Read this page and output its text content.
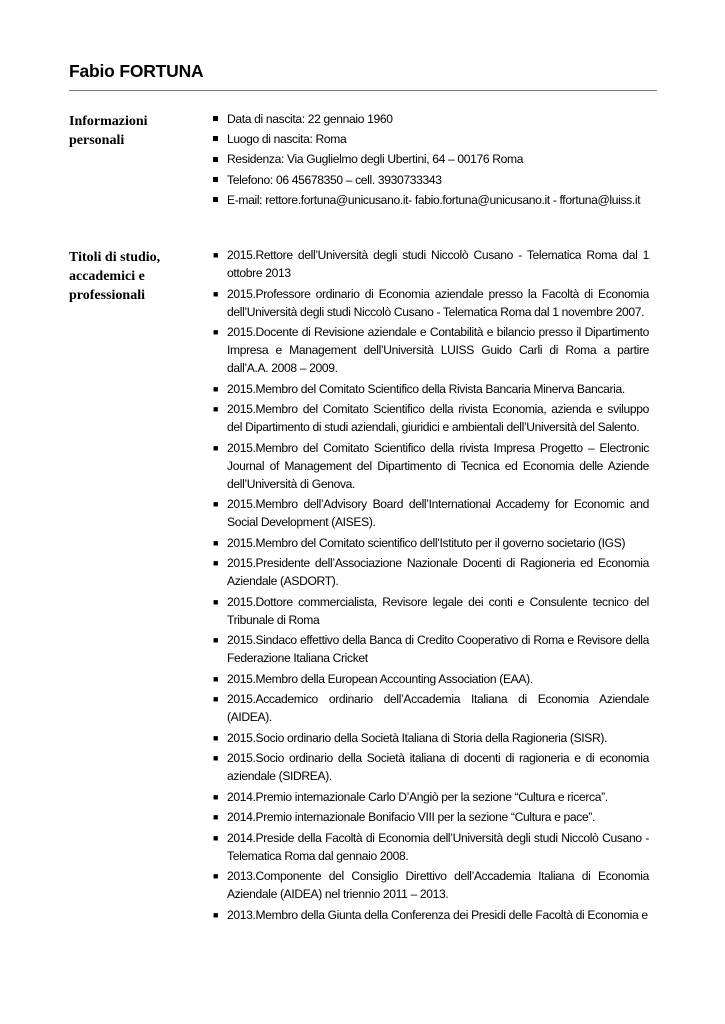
Fabio FORTUNA
Informazioni personali
Data di nascita: 22 gennaio 1960
Luogo di nascita: Roma
Residenza: Via Guglielmo degli Ubertini, 64 – 00176 Roma
Telefono: 06 45678350 – cell. 3930733343
E-mail: rettore.fortuna@unicusano.it- fabio.fortuna@unicusano.it - ffortuna@luiss.it
Titoli di studio, accademici e professionali
■ 2015.Rettore dell’Università degli studi Niccolò Cusano - Telematica Roma dal 1 ottobre 2013
■ 2015.Professore ordinario di Economia aziendale presso la Facoltà di Economia dell’Università degli studi Niccolò Cusano - Telematica Roma dal 1 novembre 2007.
■ 2015.Docente di Revisione aziendale e Contabilità e bilancio presso il Dipartimento Impresa e Management dell’Università LUISS Guido Carli di Roma a partire dall’A.A. 2008 – 2009.
■ 2015.Membro del Comitato Scientifico della Rivista Bancaria Minerva Bancaria.
■ 2015.Membro del Comitato Scientifico della rivista Economia, azienda e sviluppo del Dipartimento di studi aziendali, giuridici e ambientali dell’Università del Salento.
■ 2015.Membro del Comitato Scientifico della rivista Impresa Progetto – Electronic Journal of Management del Dipartimento di Tecnica ed Economia delle Aziende dell’Università di Genova.
■ 2015.Membro dell’Advisory Board dell’International Accademy for Economic and Social Development (AISES).
■ 2015.Membro del Comitato scientifico dell’Istituto per il governo societario (IGS)
■ 2015.Presidente dell’Associazione Nazionale Docenti di Ragioneria ed Economia Aziendale (ASDORT).
■ 2015.Dottore commercialista, Revisore legale dei conti e Consulente tecnico del Tribunale di Roma
■ 2015.Sindaco effettivo della Banca di Credito Cooperativo di Roma e Revisore della Federazione Italiana Cricket
■ 2015.Membro della European Accounting Association (EAA).
■ 2015.Accademico ordinario dell’Accademia Italiana di Economia Aziendale (AIDEA).
■ 2015.Socio ordinario della Società Italiana di Storia della Ragioneria (SISR).
■ 2015.Socio ordinario della Società italiana di docenti di ragioneria e di economia aziendale (SIDREA).
■ 2014.Premio internazionale Carlo D’Angiò per la sezione “Cultura e ricerca”.
■ 2014.Premio internazionale Bonifacio VIII per la sezione “Cultura e pace”.
■ 2014.Preside della Facoltà di Economia dell’Università degli studi Niccolò Cusano - Telematica Roma dal gennaio 2008.
■ 2013.Componente del Consiglio Direttivo dell’Accademia Italiana di Economia Aziendale (AIDEA) nel triennio 2011 – 2013.
■ 2013.Membro della Giunta della Conferenza dei Presidi delle Facoltà di Economia e
